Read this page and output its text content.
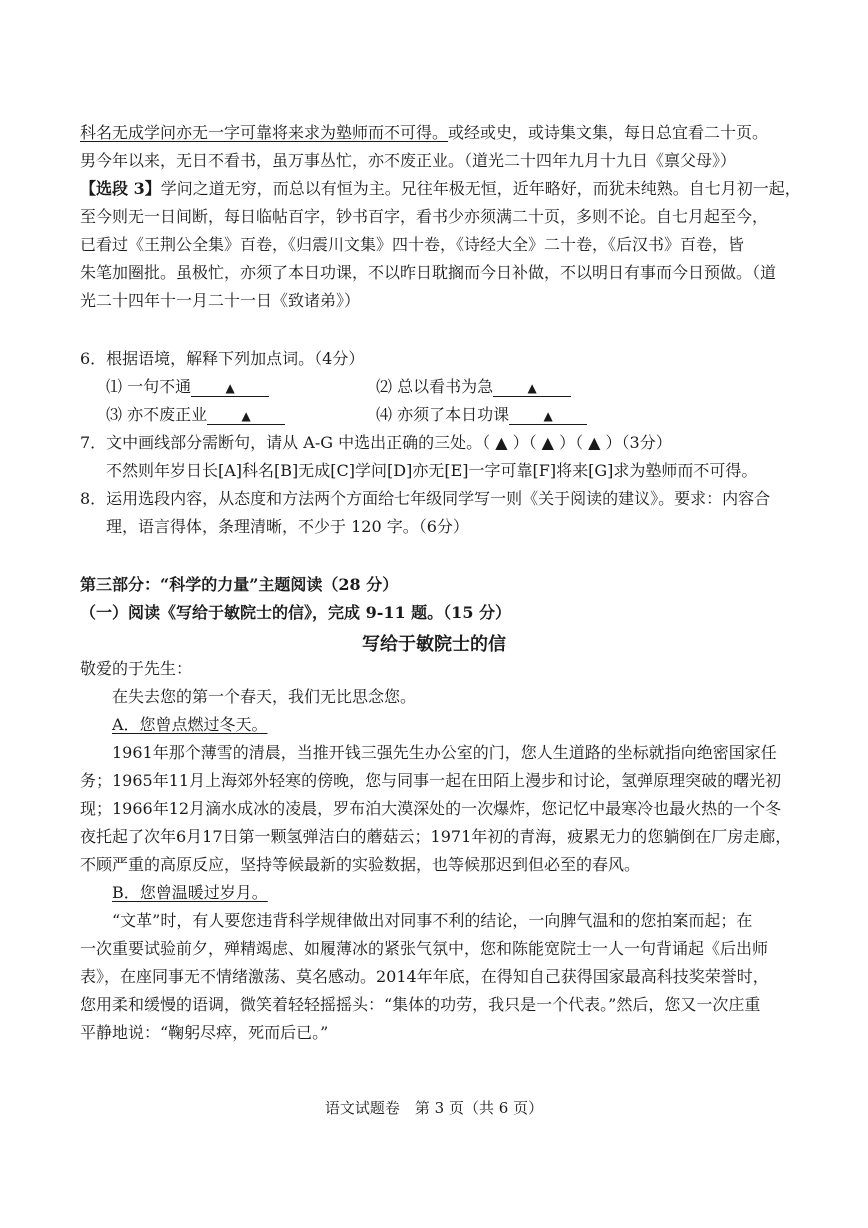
科名无成学问亦无一字可靠将来求为塾师而不可得。或经或史，或诗集文集，每日总宜看二十页。
男今年以来，无日不看书，虽万事丛忙，亦不废正业。（道光二十四年九月十九日《禀父母》）
【选段 3】学问之道无穷，而总以有恒为主。兄往年极无恒，近年略好，而犹未纯熟。自七月初一起，
至今则无一日间断，每日临帖百字，钞书百字，看书少亦须满二十页，多则不论。自七月起至今，
已看过《王荆公全集》百卷，《归震川文集》四十卷，《诗经大全》二十卷，《后汉书》百卷，皆
朱笔加圈批。虽极忙，亦须了本日功课，不以昨日耽搁而今日补做，不以明日有事而今日预做。（道
光二十四年十一月二十一日《致诸弟》）
6．根据语境，解释下列加点词。（4分）
⑴ 一句不通	▲	⑵ 总以看书为急	▲
⑶ 亦不废正业	▲	⑷ 亦须了本日功课	▲
7．文中画线部分需断句，请从 A-G 中选出正确的三处。（ ▲ ）（ ▲ ）（ ▲ ）（3分）
不然则年岁日长[A]科名[B]无成[C]学问[D]亦无[E]一字可靠[F]将来[G]求为塾师而不可得。
8．运用选段内容，从态度和方法两个方面给七年级同学写一则《关于阅读的建议》。要求：内容合
理，语言得体，条理清晰，不少于 120 字。（6分）
第三部分：“科学的力量”主题阅读（28 分）
（一）阅读《写给于敏院士的信》，完成 9-11 题。（15 分）
写给于敏院士的信
敬爱的于先生：
在失去您的第一个春天，我们无比思念您。
A．您曾点燃过冬天。
1961年那个薄雪的清晨，当推开钱三强先生办公室的门，您人生道路的坐标就指向绝密国家任
务；1965年11月上海郊外轻寒的傍晚，您与同事一起在田陌上漫步和讨论，氢弹原理突破的曙光初
现；1966年12月滴水成冰的凌晨，罗布泊大漠深处的一次爆炸，您记忆中最寒冷也最火热的一个冬
夜托起了次年6月17日第一颗氢弹洁白的蘑菇云；1971年初的青海，疲累无力的您躺倒在厂房走廊，
不顾严重的高原反应，坚持等候最新的实验数据，也等候那迟到但必至的春风。
B．您曾温暖过岁月。
“文革”时，有人要您违背科学规律做出对同事不利的结论，一向脾气温和的您拍案而起；在
一次重要试验前夕，殚精竭虑、如履薄冰的紧张气氛中，您和陈能宽院士一人一句背诵起《后出师
表》，在座同事无不情绪激荡、莫名感动。2014年年底，在得知自己获得国家最高科技奖荣誉时，
您用柔和缓慢的语调，微笑着轻轻摇摇头：“集体的功劳，我只是一个代表。”然后，您又一次庄重
平静地说：“鞠躬尽瘁，死而后已。”
语文试题卷　第 3 页（共 6 页）
